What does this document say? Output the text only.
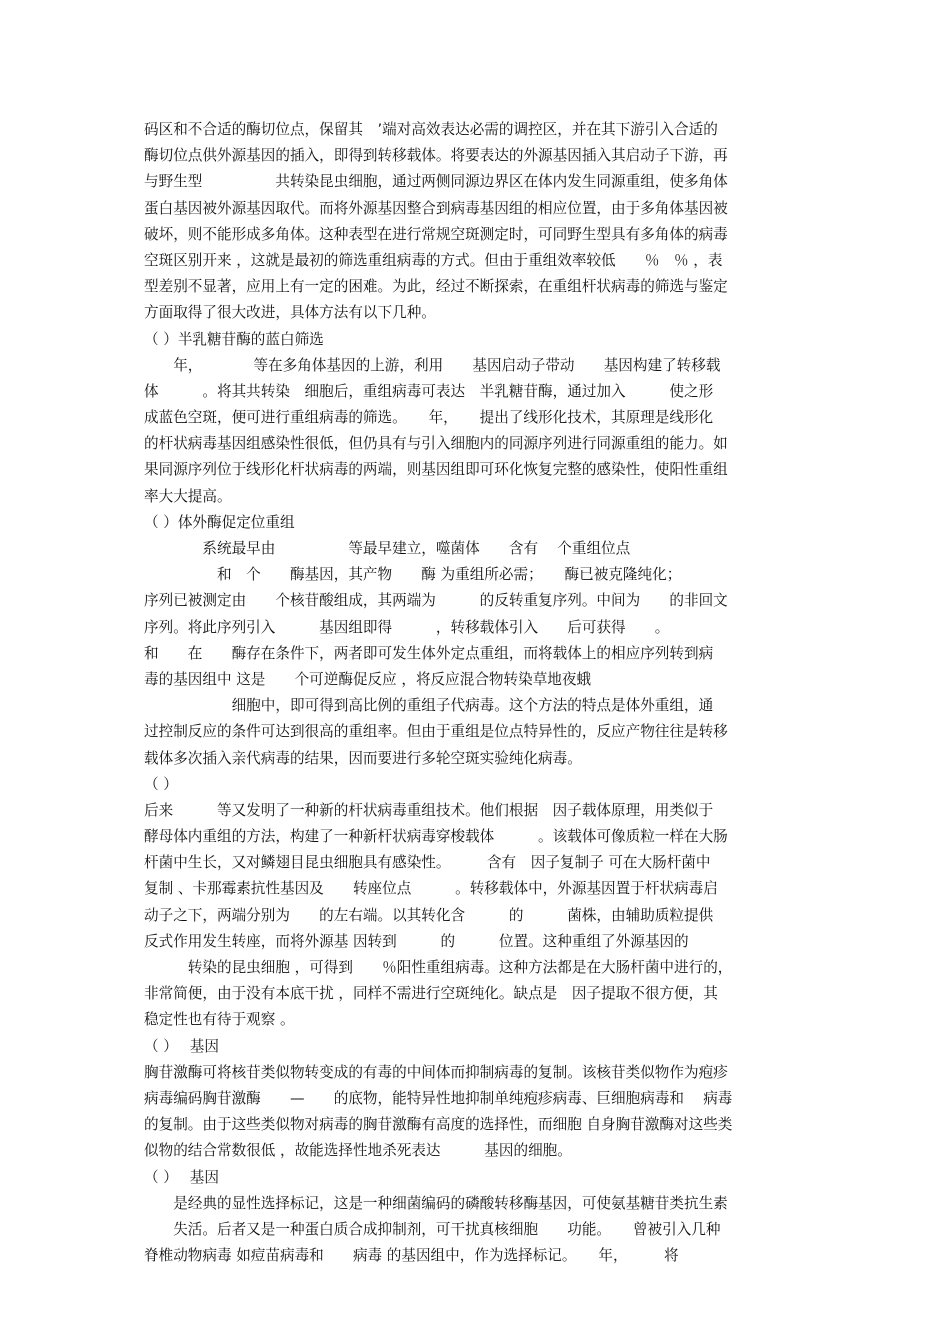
码区和不合适的酶切位点，保留其　’端对高效表达必需的调控区，并在其下游引入合适的
酶切位点供外源基因的插入，即得到转移载体。将要表达的外源基因插入其启动子下游，再
与野生型　　　　　共转染昆虫细胞，通过两侧同源边界区在体内发生同源重组，使多角体
蛋白基因被外源基因取代。而将外源基因整合到病毒基因组的相应位置，由于多角体基因被
破坏，则不能形成多角体。这种表型在进行常规空斑测定时，可同野生型具有多角体的病毒
空斑区别开来 ，这就是最初的筛选重组病毒的方式。但由于重组效率较低　　％　％ ，表
型差别不显著，应用上有一定的困难。为此，经过不断探索，在重组杆状病毒的筛选与鉴定
方面取得了很大改进，具体方法有以下几种。
（ ）半乳糖苷酶的蓝白筛选
　　年，　　　　等在多角体基因的上游，利用　　基因启动子带动　　基因构建了转移载
体　　　。将其共转染　细胞后，重组病毒可表达　半乳糖苷酶，通过加入　　　使之形
成蓝色空斑，便可进行重组病毒的筛选。　　年，　　提出了线形化技术，其原理是线形化
的杆状病毒基因组感染性很低，但仍具有与引入细胞内的同源序列进行同源重组的能力。如
果同源序列位于线形化杆状病毒的两端，则基因组即可环化恢复完整的感染性，使阳性重组
率大大提高。
（ ）体外酶促定位重组
　　　　系统最早由　　　　　等最早建立，噬菌体　　含有　 个重组位点
　　　　　和　个　　酶基因，其产物　　酶 为重组所必需；　　酶已被克隆纯化；
序列已被测定由　　个核苷酸组成，其两端为　　　的反转重复序列。中间为　　的非回文
序列。将此序列引入　　　基因组即得　　　，转移载体引入　　后可获得　　。
和　　在　　酶存在条件下，两者即可发生体外定点重组，而将载体上的相应序列转到病
毒的基因组中 这是　　个可逆酶促反应 ，将反应混合物转染草地夜蛾
　　　　　　细胞中，即可得到高比例的重组子代病毒。这个方法的特点是体外重组，通
过控制反应的条件可达到很高的重组率。但由于重组是位点特异性的，反应产物往往是转移
载体多次插入亲代病毒的结果，因而要进行多轮空斑实验纯化病毒。
（ ）
后来　　　等又发明了一种新的杆状病毒重组技术。他们根据　因子载体原理，用类似于
酵母体内重组的方法，构建了一种新杆状病毒穿梭载体　　　。该载体可像质粒一样在大肠
杆菌中生长，又对鳞翅目昆虫细胞具有感染性。　　　含有　因子复制子 可在大肠杆菌中
复制 、卡那霉素抗性基因及　　转座位点　　　。转移载体中，外源基因置于杆状病毒启
动子之下，两端分别为　　的左右端。以其转化含　　　的　　　菌株，由辅助质粒提供
反式作用发生转座，而将外源基 因转到　　　的　　　位置。这种重组了外源基因的
　　　转染的昆虫细胞 ，可得到　　％阳性重组病毒。这种方法都是在大肠杆菌中进行的，
非常简便，由于没有本底干扰 ，同样不需进行空斑纯化。缺点是　因子提取不很方便，其
稳定性也有待于观察 。
（ ）　 基因
胸苷激酶可将核苷类似物转变成的有毒的中间体而抑制病毒的复制。该核苷类似物作为疱疹
病毒编码胸苷激酶　　—　　的底物，能特异性地抑制单纯疱疹病毒、巨细胞病毒和　 病毒
的复制。由于这些类似物对病毒的胸苷激酶有高度的选择性，而细胞 自身胸苷激酶对这些类
似物的结合常数很低 ，故能选择性地杀死表达　　　基因的细胞。
（ ）　 基因
　　是经典的显性选择标记，这是一种细菌编码的磷酸转移酶基因，可使氨基糖苷类抗生素
　　失活。后者又是一种蛋白质合成抑制剂，可干扰真核细胞　　功能。　　曾被引入几种
脊椎动物病毒 如痘苗病毒和　　病毒 的基因组中，作为选择标记。　　年，　　　将
